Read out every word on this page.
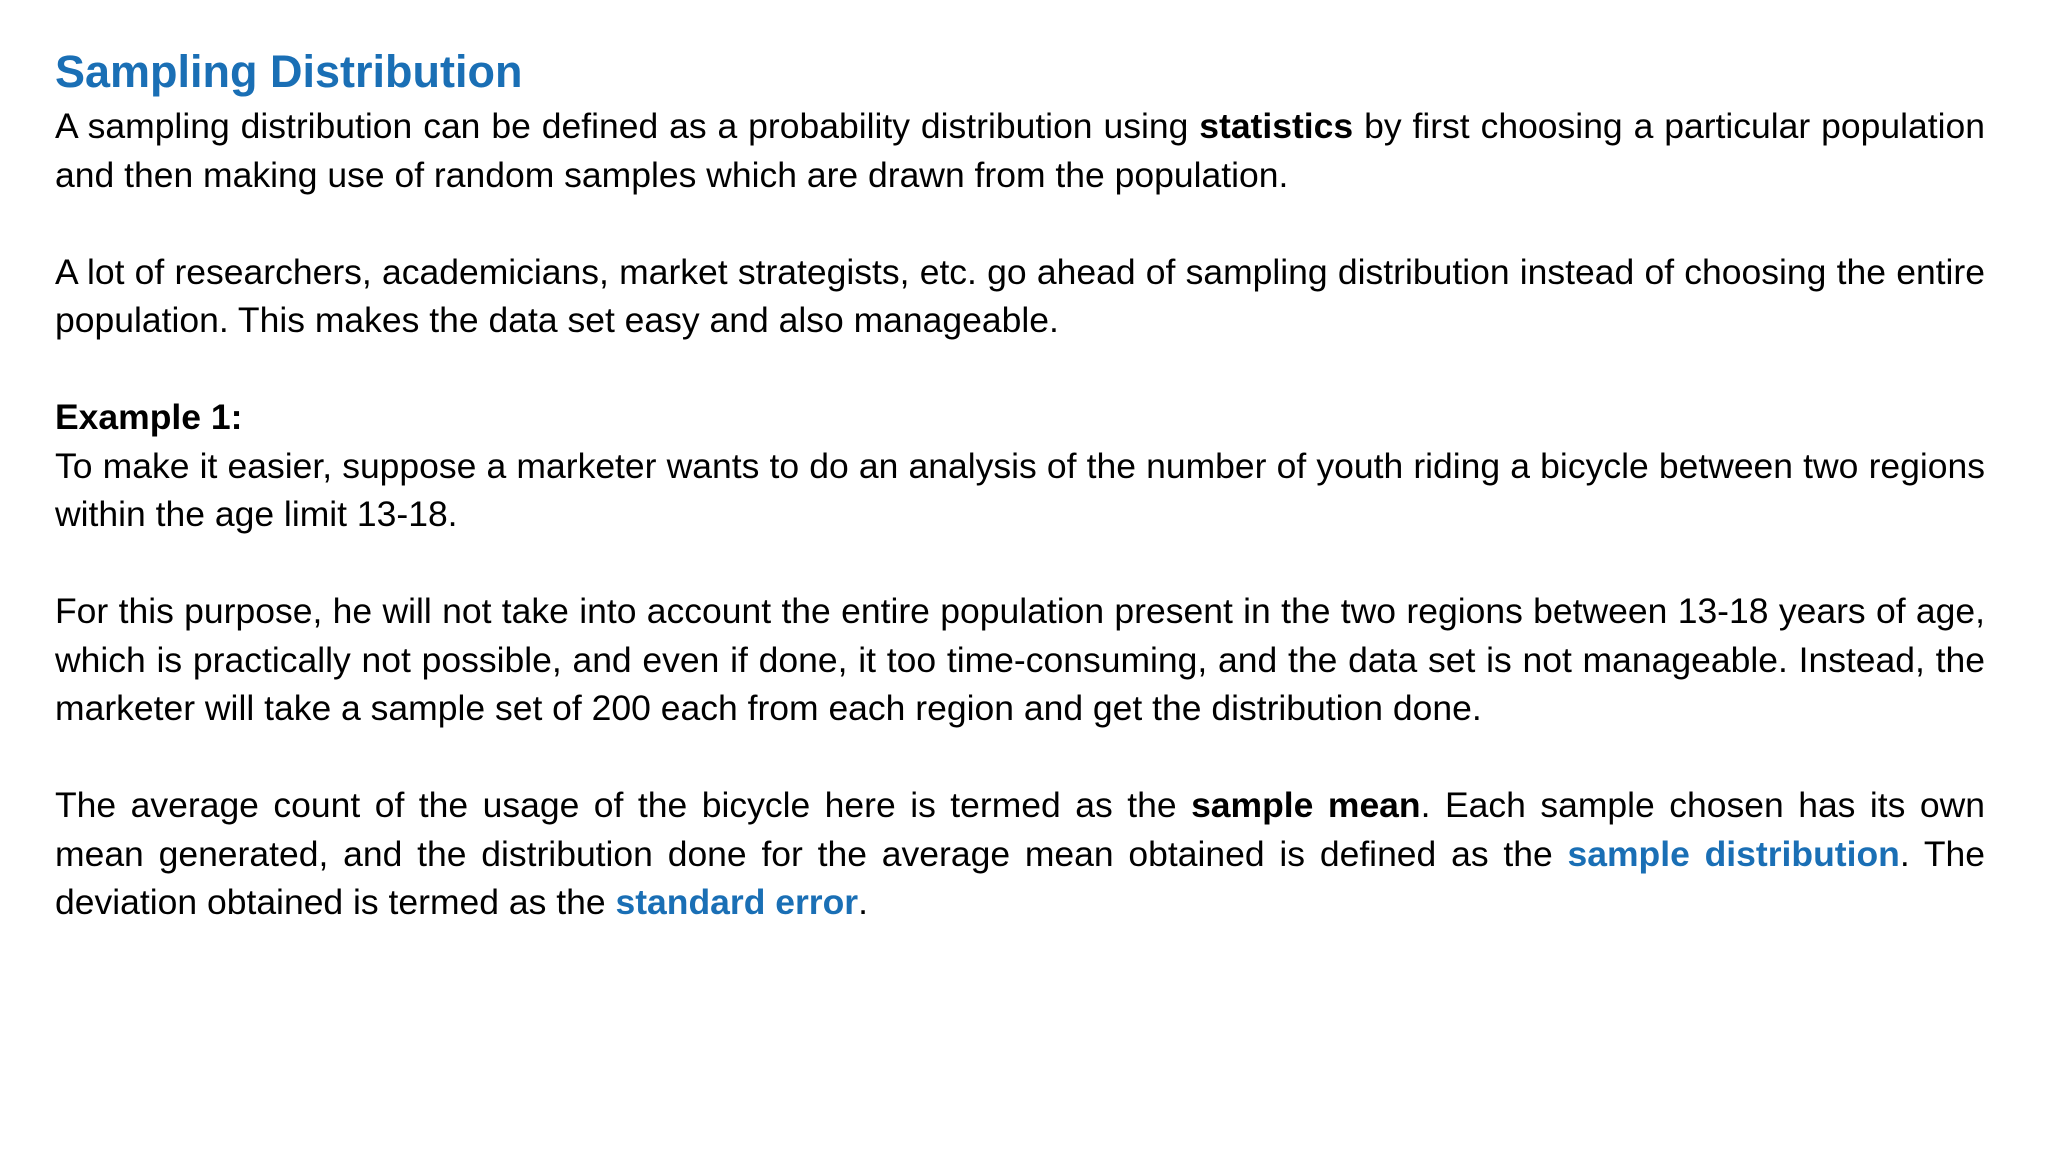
Sampling Distribution

A sampling distribution can be defined as a probability distribution using statistics by first choosing a particular population and then making use of random samples which are drawn from the population.

A lot of researchers, academicians, market strategists, etc. go ahead of sampling distribution instead of choosing the entire population. This makes the data set easy and also manageable.

Example 1:

To make it easier, suppose a marketer wants to do an analysis of the number of youth riding a bicycle between two regions within the age limit 13-18.

For this purpose, he will not take into account the entire population present in the two regions between 13-18 years of age, which is practically not possible, and even if done, it too time-consuming, and the data set is not manageable. Instead, the marketer will take a sample set of 200 each from each region and get the distribution done.

The average count of the usage of the bicycle here is termed as the sample mean. Each sample chosen has its own mean generated, and the distribution done for the average mean obtained is defined as the sample distribution. The deviation obtained is termed as the standard error.
